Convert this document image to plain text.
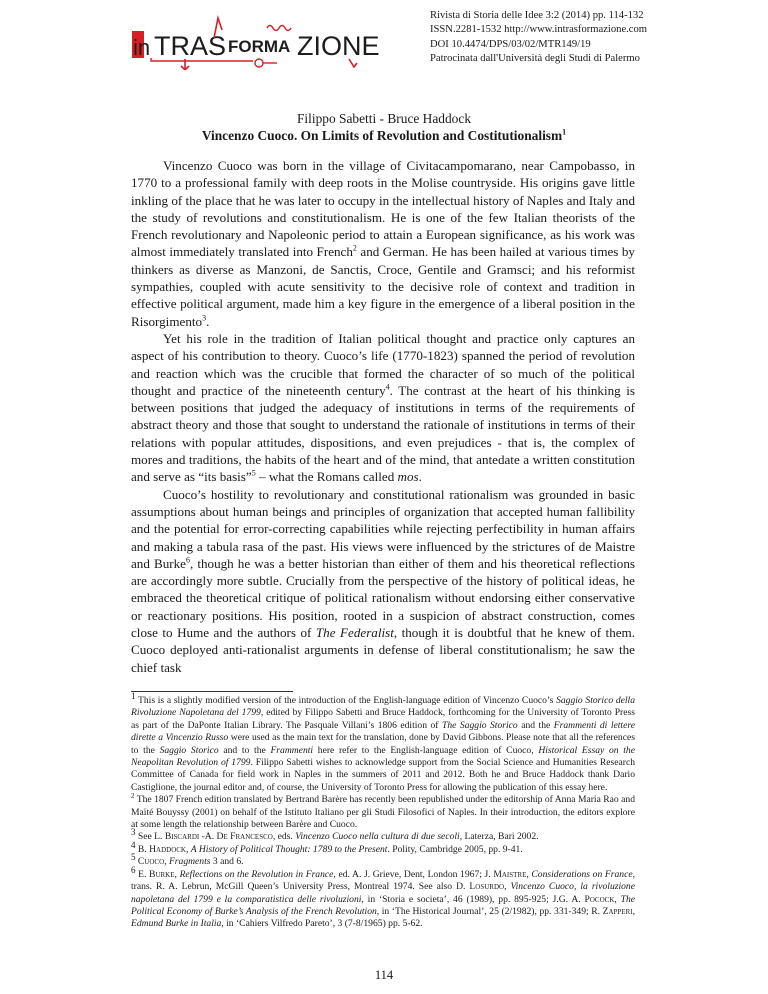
in TRAS FORMA ZIONE
Rivista di Storia delle Idee 3:2 (2014) pp. 114-132
ISSN.2281-1532 http://www.intrasformazione.com
DOI 10.4474/DPS/03/02/MTR149/19
Patrocinata dall'Università degli Studi di Palermo
Filippo Sabetti - Bruce Haddock
Vincenzo Cuoco. On Limits of Revolution and Costitutionalism$^1$

Vincenzo Cuoco was born in the village of Civitacampomarano, near Campobasso, in 1770 to a professional family with deep roots in the Molise countryside. His origins gave little inkling of the place that he was later to occupy in the intellectual history of Naples and Italy and the study of revolutions and constitutionalism. He is one of the few Italian theorists of the French revolutionary and Napoleonic period to attain a European significance, as his work was almost immediately translated into French$^2$ and German. He has been hailed at various times by thinkers as diverse as Manzoni, de Sanctis, Croce, Gentile and Gramsci; and his reformist sympathies, coupled with acute sensitivity to the decisive role of context and tradition in effective political argument, made him a key figure in the emergence of a liberal position in the Risorgimento$^3$.

Yet his role in the tradition of Italian political thought and practice only captures an aspect of his contribution to theory. Cuoco’s life (1770-1823) spanned the period of revolution and reaction which was the crucible that formed the character of so much of the political thought and practice of the nineteenth century$^4$. The contrast at the heart of his thinking is between positions that judged the adequacy of institutions in terms of the requirements of abstract theory and those that sought to understand the rationale of institutions in terms of their relations with popular attitudes, dispositions, and even prejudices - that is, the complex of mores and traditions, the habits of the heart and of the mind, that antedate a written constitution and serve as “its basis”$^5$ – what the Romans called mos.

Cuoco’s hostility to revolutionary and constitutional rationalism was grounded in basic assumptions about human beings and principles of organization that accepted human fallibility and the potential for error-correcting capabilities while rejecting perfectibility in human affairs and making a tabula rasa of the past. His views were influenced by the strictures of de Maistre and Burke$^6$, though he was a better historian than either of them and his theoretical reflections are accordingly more subtle. Crucially from the perspective of the history of political ideas, he embraced the theoretical critique of political rationalism without endorsing either conservative or reactionary positions. His position, rooted in a suspicion of abstract construction, comes close to Hume and the authors of The Federalist, though it is doubtful that he knew of them. Cuoco deployed anti-rationalist arguments in defense of liberal constitutionalism; he saw the chief task

1 This is a slightly modified version of the introduction of the English-language edition of Vincenzo Cuoco’s Saggio Storico della Rivoluzione Napoletana del 1799, edited by Filippo Sabetti and Bruce Haddock, forthcoming for the University of Toronto Press as part of the DaPonte Italian Library. The Pasquale Villani’s 1806 edition of The Saggio Storico and the Frammenti di lettere dirette a Vincenzio Russo were used as the main text for the translation, done by David Gibbons. Please note that all the references to the Saggio Storico and to the Frammenti here refer to the English-language edition of Cuoco, Historical Essay on the Neapolitan Revolution of 1799. Filippo Sabetti wishes to acknowledge support from the Social Science and Humanities Research Committee of Canada for field work in Naples in the summers of 2011 and 2012. Both he and Bruce Haddock thank Dario Castiglione, the journal editor and, of course, the University of Toronto Press for allowing the publication of this essay here.

$^2$ The 1807 French edition translated by Bertrand Barère has recently been republished under the editorship of Anna Maria Rao and Maïté Bouyssy (2001) on behalf of the Istituto Italiano per gli Studi Filosofici of Naples. In their introduction, the editors explore at some length the relationship between Barère and Cuoco.

3 See L. Biscardi -A. De Francesco, eds. Vincenzo Cuoco nella cultura di due secoli, Laterza, Bari 2002.

4 B. Haddock, A History of Political Thought: 1789 to the Present. Polity, Cambridge 2005, pp. 9-41.

5 Cuoco, Fragments 3 and 6.

6 E. Burke, Reflections on the Revolution in France, ed. A. J. Grieve, Dent, London 1967; J. Maistre, Considerations on France, trans. R. A. Lebrun, McGill Queen’s University Press, Montreal 1974. See also D. Losurdo, Vincenzo Cuoco, la rivoluzione napoletana del 1799 e la comparatistica delle rivoluzioni, in ‘Storia e societa’, 46 (1989), pp. 895-925; J.G. A. Pocock, The Political Economy of Burke’s Analysis of the French Revolution, in ‘The Historical Journal’, 25 (2/1982), pp. 331-349; R. Zapperi, Edmund Burke in Italia, in ‘Cahiers Vilfredo Pareto’, 3 (7-8/1965) pp. 5-62.

114
